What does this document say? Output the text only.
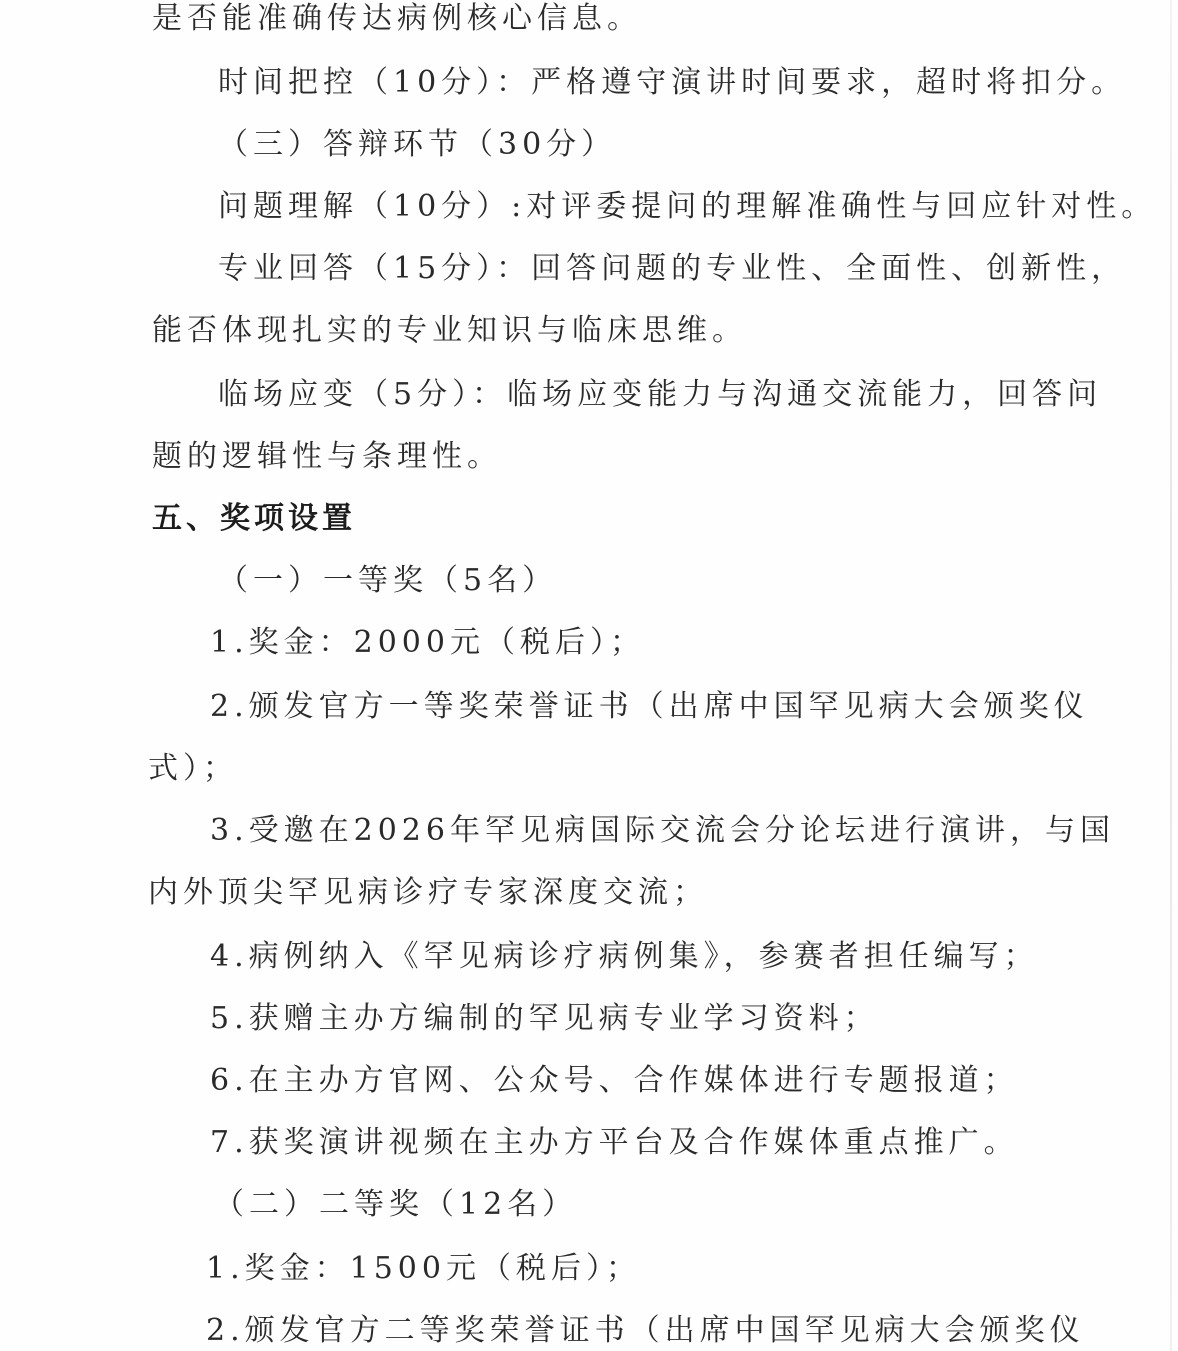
是否能准确传达病例核心信息。
时间把控（10分）：严格遵守演讲时间要求，超时将扣分。
（三）答辩环节（30分）
问题理解（10分）:对评委提问的理解准确性与回应针对性。
专业回答（15分）：回答问题的专业性、全面性、创新性，
能否体现扎实的专业知识与临床思维。
临场应变（5分）：临场应变能力与沟通交流能力，回答问
题的逻辑性与条理性。
五、奖项设置
（一）一等奖（5名）
1.奖金：2000元（税后）；
2.颁发官方一等奖荣誉证书（出席中国罕见病大会颁奖仪
式）；
3.受邀在2026年罕见病国际交流会分论坛进行演讲，与国
内外顶尖罕见病诊疗专家深度交流；
4.病例纳入《罕见病诊疗病例集》，参赛者担任编写；
5.获赠主办方编制的罕见病专业学习资料；
6.在主办方官网、公众号、合作媒体进行专题报道；
7.获奖演讲视频在主办方平台及合作媒体重点推广。
（二）二等奖（12名）
1.奖金：1500元（税后）；
2.颁发官方二等奖荣誉证书（出席中国罕见病大会颁奖仪
